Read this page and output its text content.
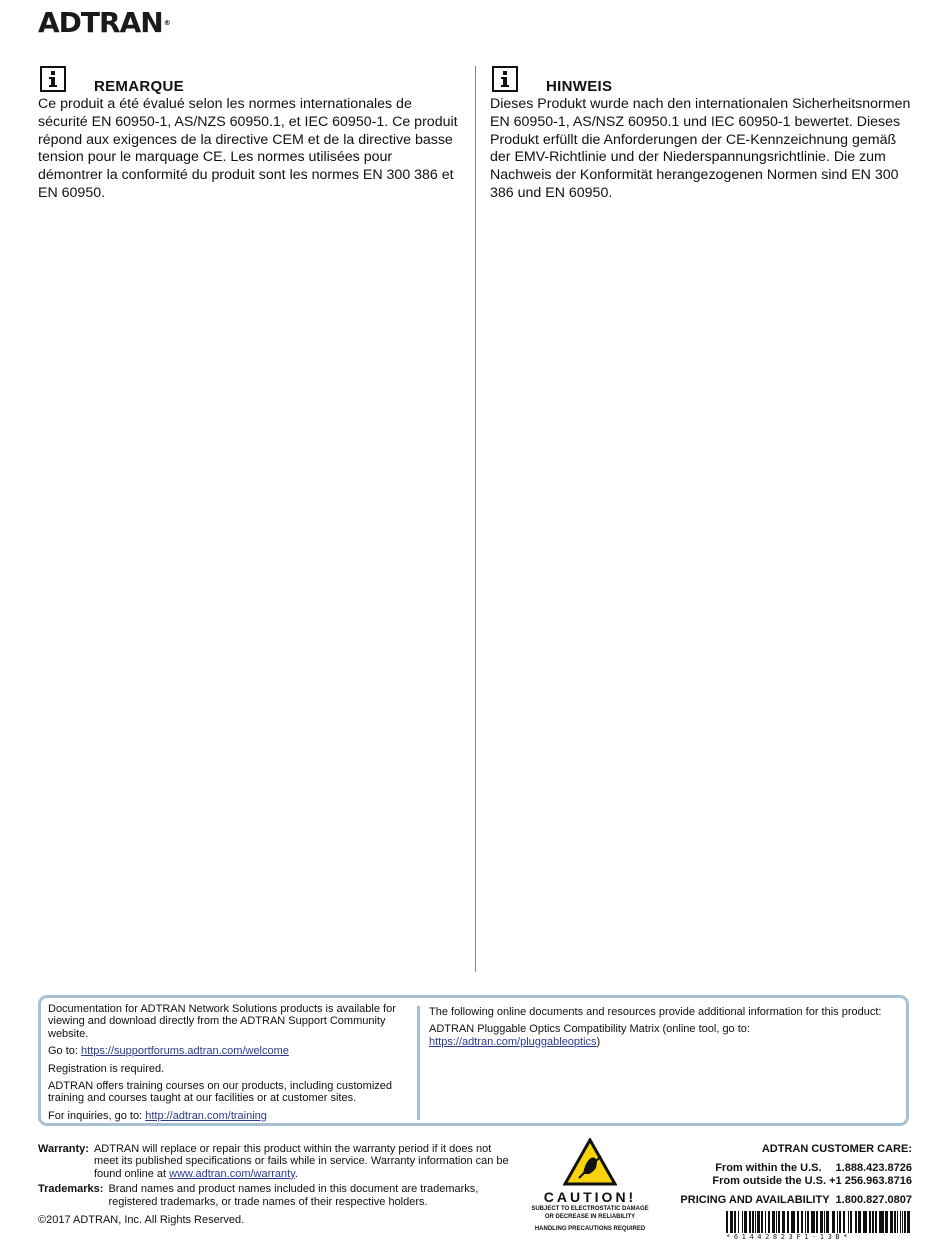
ADTRAN®
REMARQUE
Ce produit a été évalué selon les normes internationales de sécurité EN 60950-1, AS/NZS 60950.1, et IEC 60950-1. Ce produit répond aux exigences de la directive CEM et de la directive basse tension pour le marquage CE. Les normes utilisées pour démontrer la conformité du produit sont les normes EN 300 386 et EN 60950.
HINWEIS
Dieses Produkt wurde nach den internationalen Sicherheitsnormen EN 60950-1, AS/NSZ 60950.1 und IEC 60950-1 bewertet. Dieses Produkt erfüllt die Anforderungen der CE-Kennzeichnung gemäß der EMV-Richtlinie und der Niederspannungsrichtlinie. Die zum Nachweis der Konformität herangezogenen Normen sind EN 300 386 und EN 60950.

Documentation for ADTRAN Network Solutions products is available for viewing and download directly from the ADTRAN Support Community website.

Go to: https://supportforums.adtran.com/welcome

Registration is required.

ADTRAN offers training courses on our products, including customized training and courses taught at our facilities or at customer sites.

For inquiries, go to: http://adtran.com/training

The following online documents and resources provide additional information for this product:

ADTRAN Pluggable Optics Compatibility Matrix (online tool, go to: https://adtran.com/pluggableoptics)

Warranty: ADTRAN will replace or repair this product within the warranty period if it does not meet its published specifications or fails while in service. Warranty information can be found online at www.adtran.com/warranty.
Trademarks: Brand names and product names included in this document are trademarks, registered trademarks, or trade names of their respective holders.
©2017 ADTRAN, Inc. All Rights Reserved.
CAUTION!
SUBJECT TO ELECTROSTATIC DAMAGE
OR DECREASE IN RELIABILITY
HANDLING PRECAUTIONS REQUIRED
ADTRAN CUSTOMER CARE:
From within the U.S. 1.888.423.8726
From outside the U.S. +1 256.963.8716
PRICING AND AVAILABILITY 1.800.827.0807
*61442823F1-13B*
